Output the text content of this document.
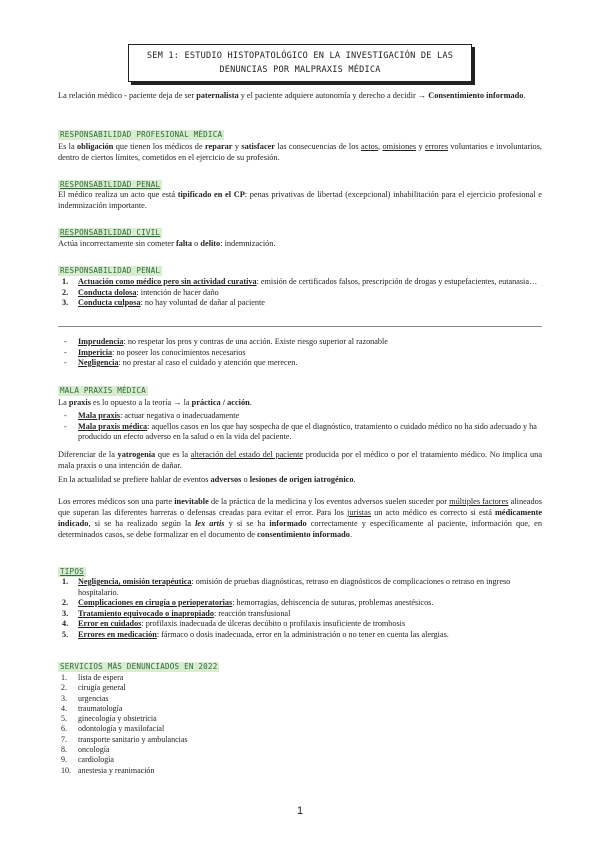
SEM 1: ESTUDIO HISTOPATOLÓGICO EN LA INVESTIGACIÓN DE LAS
DENUNCIAS POR MALPRAXIS MÉDICA

La relación médico - paciente deja de ser paternalista y el paciente adquiere autonomía y derecho a decidir → Consentimiento informado.

RESPONSABILIDAD PROFESIONAL MÉDICA

Es la obligación que tienen los médicos de reparar y satisfacer las consecuencias de los actos, omisiones y errores voluntarios e involuntarios, dentro de ciertos límites, cometidos en el ejercicio de su profesión.

RESPONSABILIDAD PENAL

El médico realiza un acto que está tipificado en el CP: penas privativas de libertad (excepcional) inhabilitación para el ejercicio profesional e indemnización importante.

RESPONSABILIDAD CIVIL

Actúa incorrectamente sin cometer falta o delito: indemnización.

RESPONSABILIDAD PENAL
1. Actuación como médico pero sin actividad curativa: emisión de certificados falsos, prescripción de drogas y estupefacientes, eutanasia…
2. Conducta dolosa: intención de hacer daño
3. Conducta culposa: no hay voluntad de dañar al paciente
- Imprudencia: no respetar los pros y contras de una acción. Existe riesgo superior al razonable
- Impericia: no poseer los conocimientos necesarios
- Negligencia: no prestar al caso el cuidado y atención que merecen.
MALA PRAXIS MÉDICA

La praxis es lo opuesto a la teoría → la práctica / acción.

- Mala praxis: actuar negativa o inadecuadamente
- Mala praxis médica: aquellos casos en los que hay sospecha de que el diagnóstico, tratamiento o cuidado médico no ha sido adecuado y ha producido un efecto adverso en la salud o en la vida del paciente.

Diferenciar de la yatrogenia que es la alteración del estado del paciente producida por el médico o por el tratamiento médico. No implica una mala praxis o una intención de dañar.

En la actualidad se prefiere hablar de eventos adversos o lesiones de origen iatrogénico.

Los errores médicos son una parte inevitable de la práctica de la medicina y los eventos adversos suelen suceder por múltiples factores alineados que superan las diferentes barreras o defensas creadas para evitar el error. Para los juristas un acto médico es correcto si está médicamente indicado, si se ha realizado según la lex artis y si se ha informado correctamente y específicamente al paciente, información que, en determinados casos, se debe formalizar en el documento de consentimiento informado.

TIPOS
1. Negligencia, omisión terapéutica: omisión de pruebas diagnósticas, retraso en diagnósticos de complicaciones o retraso en ingreso hospitalario.
2. Complicaciones en cirugía o perioperatorias: hemorragias, dehiscencia de suturas, problemas anestésicos.
3. Tratamiento equivocado o inapropiado: reacción transfusional
4. Error en cuidados: profilaxis inadecuada de úlceras decúbito o profilaxis insuficiente de trombosis
5. Errores en medicación: fármaco o dosis inadecuada, error en la administración o no tener en cuenta las alergias.
SERVICIOS MÁS DENUNCIADOS EN 2022
1. lista de espera
2. cirugía general
3. urgencias
4. traumatología
5. ginecología y obstetricia
6. odontología y maxilofacial
7. transporte sanitario y ambulancias
8. oncología
9. cardiología
10. anestesia y reanimación
1
